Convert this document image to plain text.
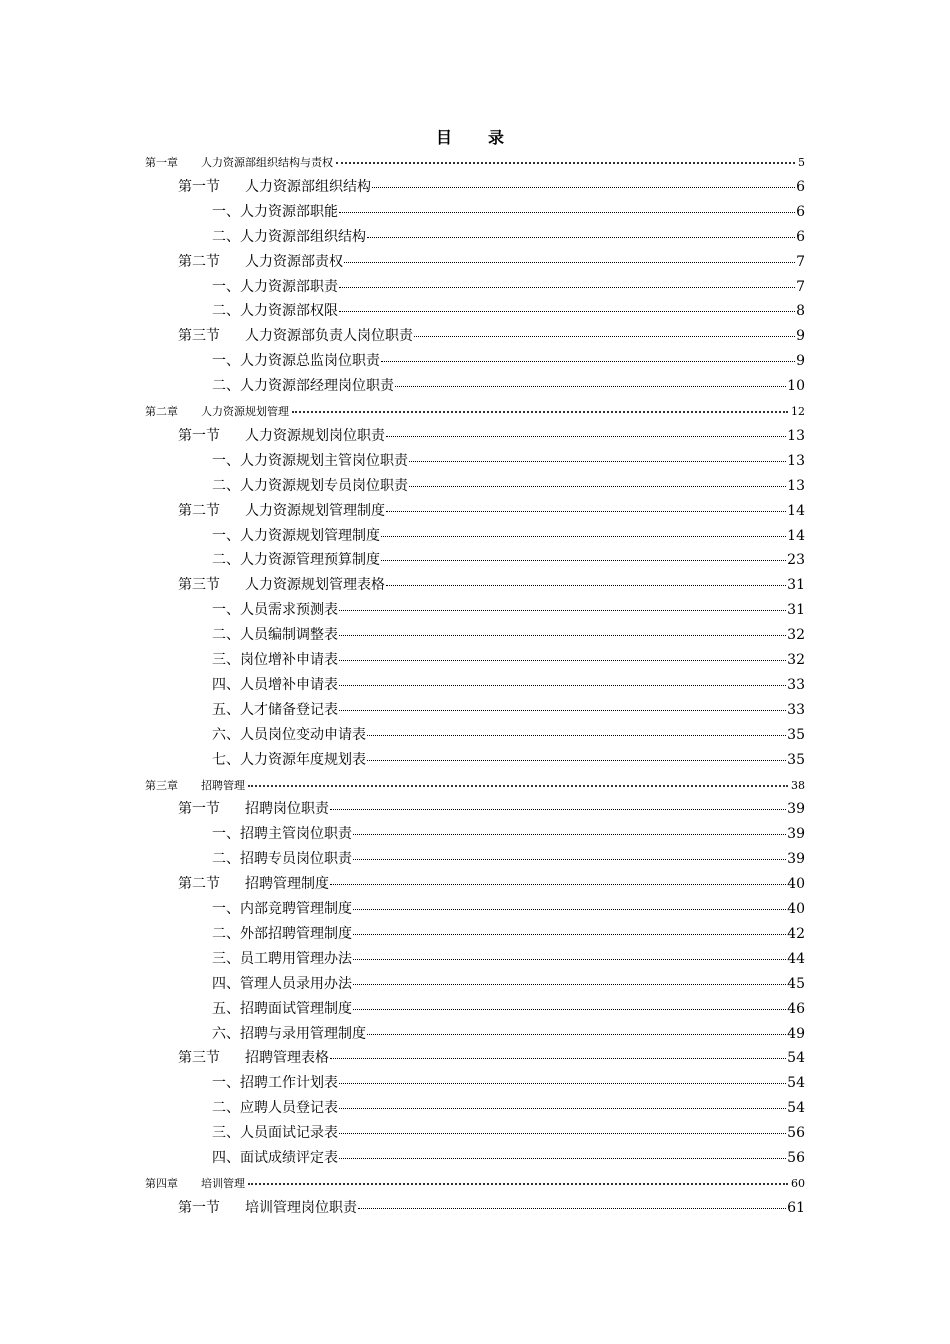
目　录
第一章 人力资源部组织结构与责权	5
第一节 人力资源部组织结构	6
一、人力资源部职能	6
二、人力资源部组织结构	6
第二节 人力资源部责权	7
一、人力资源部职责	7
二、人力资源部权限	8
第三节 人力资源部负责人岗位职责	9
一、人力资源总监岗位职责	9
二、人力资源部经理岗位职责	10
第二章 人力资源规划管理	12
第一节 人力资源规划岗位职责	13
一、人力资源规划主管岗位职责	13
二、人力资源规划专员岗位职责	13
第二节 人力资源规划管理制度	14
一、人力资源规划管理制度	14
二、人力资源管理预算制度	23
第三节 人力资源规划管理表格	31
一、人员需求预测表	31
二、人员编制调整表	32
三、岗位增补申请表	32
四、人员增补申请表	33
五、人才储备登记表	33
六、人员岗位变动申请表	35
七、人力资源年度规划表	35
第三章 招聘管理	38
第一节 招聘岗位职责	39
一、招聘主管岗位职责	39
二、招聘专员岗位职责	39
第二节 招聘管理制度	40
一、内部竞聘管理制度	40
二、外部招聘管理制度	42
三、员工聘用管理办法	44
四、管理人员录用办法	45
五、招聘面试管理制度	46
六、招聘与录用管理制度	49
第三节 招聘管理表格	54
一、招聘工作计划表	54
二、应聘人员登记表	54
三、人员面试记录表	56
四、面试成绩评定表	56
第四章 培训管理	60
第一节 培训管理岗位职责	61
